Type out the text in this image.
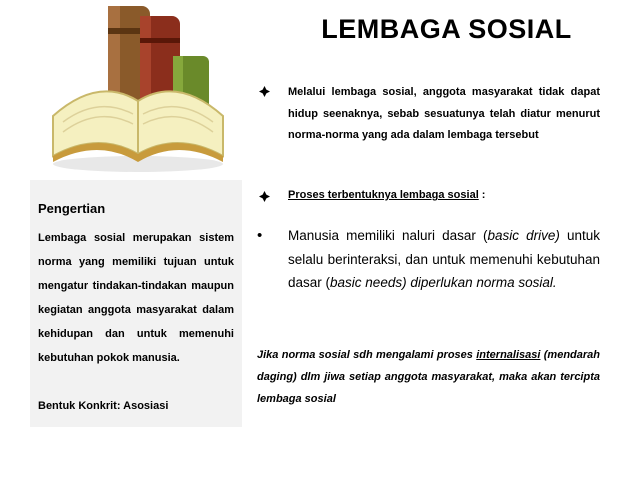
Pengertian

Lembaga sosial merupakan sistem norma yang memiliki tujuan untuk mengatur tindakan-tindakan maupun kegiatan anggota masyarakat dalam kehidupan dan untuk memenuhi kebutuhan pokok manusia.

Bentuk Konkrit: Asosiasi

LEMBAGA SOSIAL

Melalui lembaga sosial, anggota masyarakat tidak dapat hidup seenaknya, sebab sesuatunya telah diatur menurut norma-norma yang ada dalam lembaga tersebut

Proses terbentuknya lembaga sosial :

• Manusia memiliki naluri dasar (basic drive) untuk selalu berinteraksi, dan untuk memenuhi kebutuhan dasar (basic needs) diperlukan norma sosial.

Jika norma sosial sdh mengalami proses internalisasi (mendarah daging) dlm jiwa setiap anggota masyarakat, maka akan tercipta lembaga sosial
